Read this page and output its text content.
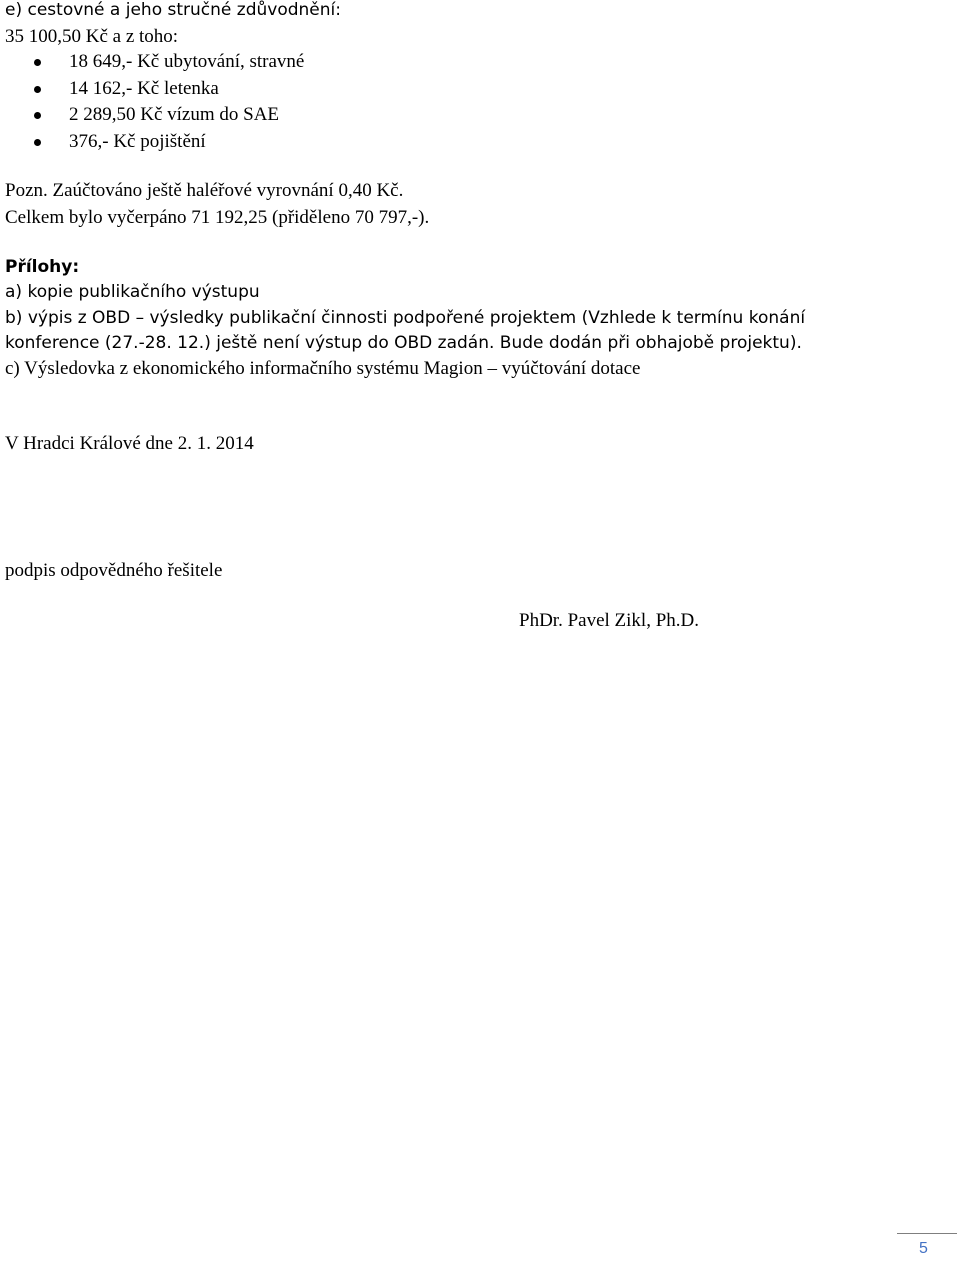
e) cestovné a jeho stručné zdůvodnění:
35 100,50 Kč a z toho:
18 649,- Kč ubytování, stravné
14 162,- Kč letenka
2 289,50 Kč vízum do SAE
376,- Kč pojištění
Pozn. Zaúčtováno ještě haléřové vyrovnání 0,40 Kč.
Celkem bylo vyčerpáno 71 192,25 (přiděleno 70 797,-).
Přílohy:
a) kopie publikačního výstupu
b) výpis z OBD – výsledky publikační činnosti podpořené projektem (Vzhlede k termínu konání
konference (27.-28. 12.) ještě není výstup do OBD zadán. Bude dodán při obhajobě projektu).
c) Výsledovka z ekonomického informačního systému Magion – vyúčtování dotace
V Hradci Králové dne 2. 1. 2014
podpis odpovědného řešitele
PhDr. Pavel Zikl, Ph.D.
5
